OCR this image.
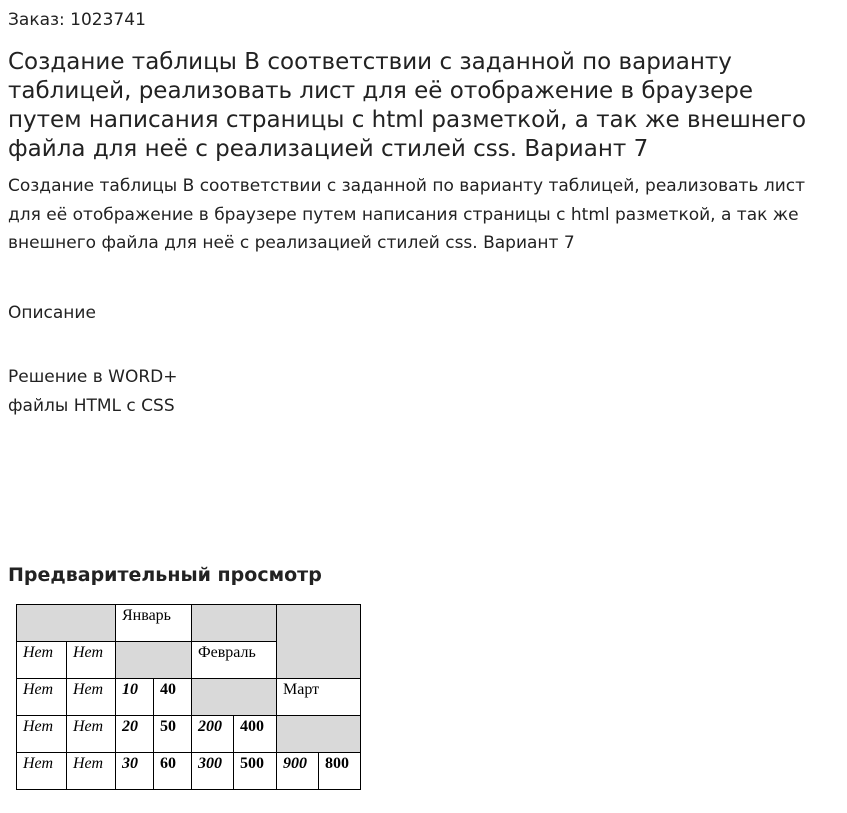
Заказ: 1023741
Создание таблицы В соответствии с заданной по варианту таблицей, реализовать лист для её отображение в браузере путем написания страницы с html разметкой, а так же внешнего файла для неё с реализацией стилей css. Вариант 7

Создание таблицы В соответствии с заданной по варианту таблицей, реализовать лист для её отображение в браузере путем написания страницы с html разметкой, а так же внешнего файла для неё с реализацией стилей css. Вариант 7

Описание
Решение в WORD+
файлы HTML с CSS
Предварительный просмотр
		Январь					
Нет	Нет			Февраль			
Нет	Нет	10	40			Март	
Нет	Нет	20	50	200	400		
Нет	Нет	30	60	300	500	900	800
